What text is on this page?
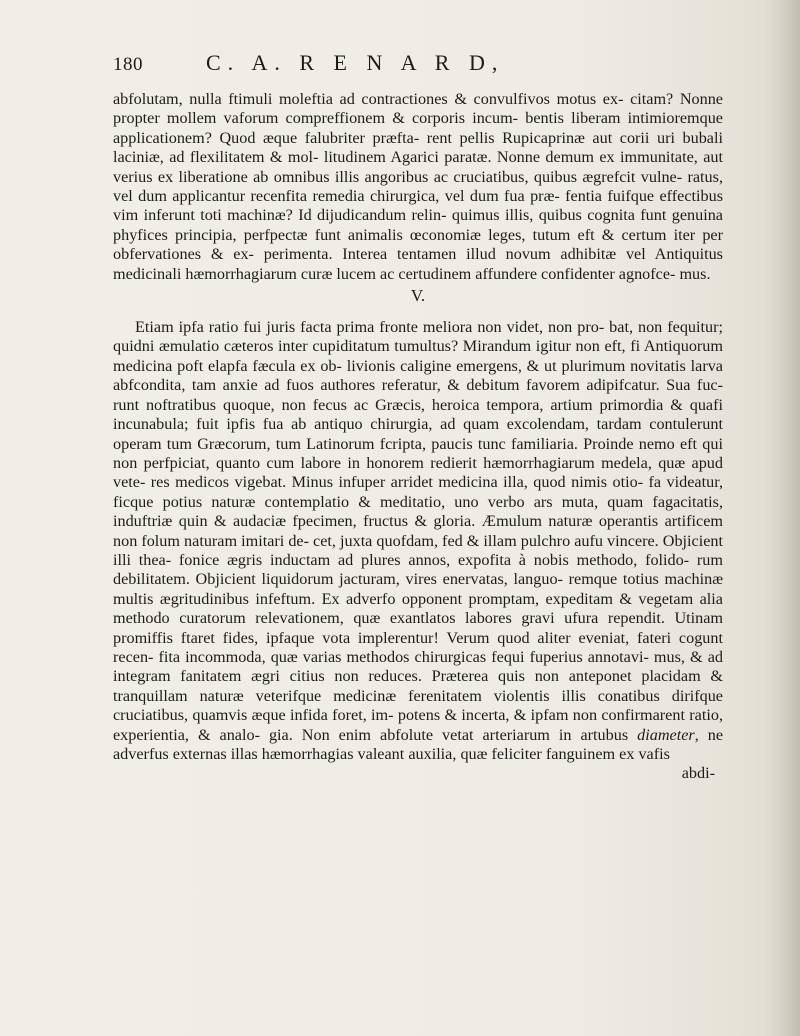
180	C. A. R E N A R D,

abfolutam, nulla ftimuli moleftia ad contractiones & convulfivos motus ex- citam? Nonne propter mollem vaforum compreffionem & corporis incum- bentis liberam intimioremque applicationem? Quod æque falubriter præfta- rent pellis Rupicaprinæ aut corii uri bubali laciniæ, ad flexilitatem & mol- litudinem Agarici paratæ. Nonne demum ex immunitate, aut verius ex liberatione ab omnibus illis angoribus ac cruciatibus, quibus ægrefcit vulne- ratus, vel dum applicantur recenfita remedia chirurgica, vel dum fua præ- fentia fuifque effectibus vim inferunt toti machinæ? Id dijudicandum relin- quimus illis, quibus cognita funt genuina phyfices principia, perfpectæ funt animalis œconomiæ leges, tutum eft & certum iter per obfervationes & ex- perimenta. Interea tentamen illud novum adhibitæ vel Antiquitus medicinali hæmorrhagiarum curæ lucem ac certudinem affundere confidenter agnofce- mus.

V.

Etiam ipfa ratio fui juris facta prima fronte meliora non videt, non pro- bat, non fequitur; quidni æmulatio cæteros inter cupiditatum tumultus? Mirandum igitur non eft, fi Antiquorum medicina poft elapfa fæcula ex ob- livionis caligine emergens, & ut plurimum novitatis larva abfcondita, tam anxie ad fuos authores referatur, & debitum favorem adipifcatur. Sua fuc- runt noftratibus quoque, non fecus ac Græcis, heroica tempora, artium primordia & quafi incunabula; fuit ipfis fua ab antiquo chirurgia, ad quam excolendam, tardam contulerunt operam tum Græcorum, tum Latinorum fcripta, paucis tunc familiaria. Proinde nemo eft qui non perfpiciat, quanto cum labore in honorem redierit hæmorrhagiarum medela, quæ apud vete- res medicos vigebat. Minus infuper arridet medicina illa, quod nimis otio- fa videatur, ficque potius naturæ contemplatio & meditatio, uno verbo ars muta, quam fagacitatis, induftriæ quin & audaciæ fpecimen, fructus & gloria. Æmulum naturæ operantis artificem non folum naturam imitari de- cet, juxta quofdam, fed & illam pulchro aufu vincere. Objicient illi thea- fonice ægris inductam ad plures annos, expofita à nobis methodo, folido- rum debilitatem. Objicient liquidorum jacturam, vires enervatas, languo- remque totius machinæ multis ægritudinibus infeftum. Ex adverfo opponent promptam, expeditam & vegetam alia methodo curatorum relevationem, quæ exantlatos labores gravi ufura rependit. Utinam promiffis ftaret fides, ipfaque vota implerentur! Verum quod aliter eveniat, fateri cogunt recen- fita incommoda, quæ varias methodos chirurgicas fequi fuperius annotavi- mus, & ad integram fanitatem ægri citius non reduces. Præterea quis non anteponet placidam & tranquillam naturæ veterifque medicinæ ferenitatem violentis illis conatibus dirifque cruciatibus, quamvis æque infida foret, im- potens & incerta, & ipfam non confirmarent ratio, experientia, & analo- gia. Non enim abfolute vetat arteriarum in artubus diameter, ne adverfus externas illas hæmorrhagias valeant auxilia, quæ feliciter fanguinem ex vafis

abdi-
